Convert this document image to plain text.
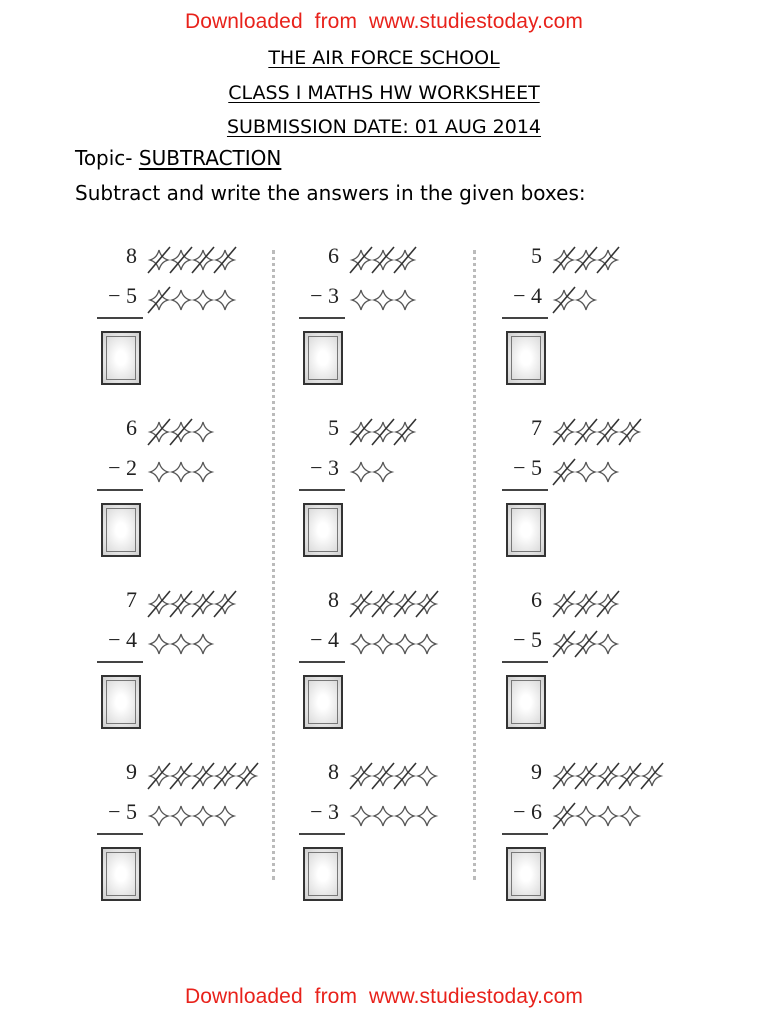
Downloaded from www.studiestoday.com
THE AIR FORCE SCHOOL
CLASS I MATHS HW WORKSHEET
SUBMISSION DATE: 01 AUG 2014
Topic- SUBTRACTION
Subtract and write the answers in the given boxes:
8
− 5
6
− 3
5
− 4
6
− 2
5
− 3
7
− 5
7
− 4
8
− 4
6
− 5
9
− 5
8
− 3
9
− 6
Downloaded from www.studiestoday.com
